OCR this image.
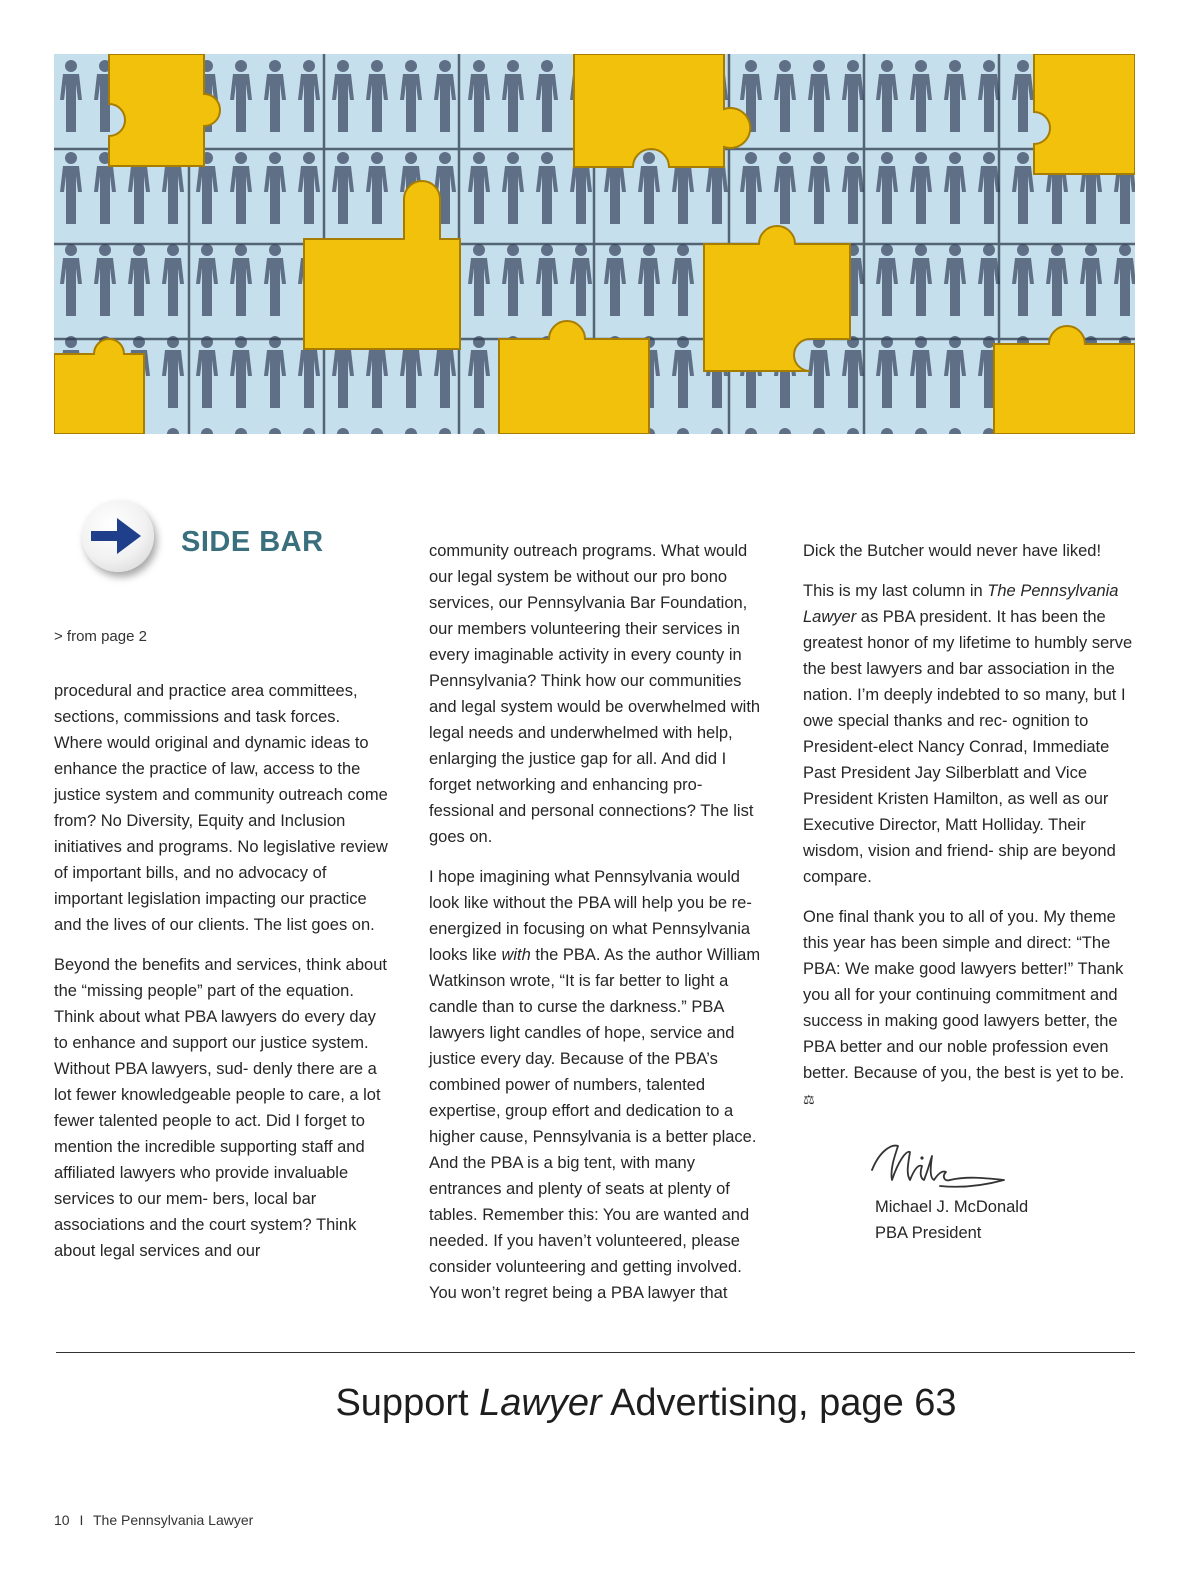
SIDE BAR
> from page 2

procedural and practice area committees, sections, commissions and task forces. Where would original and dynamic ideas to enhance the practice of law, access to the justice system and community outreach come from? No Diversity, Equity and Inclusion initiatives and programs. No legislative review of important bills, and no advocacy of important legislation impacting our practice and the lives of our clients. The list goes on.

Beyond the benefits and services, think about the “missing people” part of the equation. Think about what PBA lawyers do every day to enhance and support our justice system. Without PBA lawyers, sud- denly there are a lot fewer knowledgeable people to care, a lot fewer talented people to act. Did I forget to mention the incredible supporting staff and affiliated lawyers who provide invaluable services to our mem- bers, local bar associations and the court system? Think about legal services and our

community outreach programs. What would our legal system be without our pro bono services, our Pennsylvania Bar Foundation, our members volunteering their services in every imaginable activity in every county in Pennsylvania? Think how our communities and legal system would be overwhelmed with legal needs and underwhelmed with help, enlarging the justice gap for all. And did I forget networking and enhancing pro- fessional and personal connections? The list goes on.

I hope imagining what Pennsylvania would look like without the PBA will help you be re-energized in focusing on what Pennsylvania looks like with the PBA. As the author William Watkinson wrote, “It is far better to light a candle than to curse the darkness.” PBA lawyers light candles of hope, service and justice every day. Because of the PBA’s combined power of numbers, talented expertise, group effort and dedication to a higher cause, Pennsylvania is a better place. And the PBA is a big tent, with many entrances and plenty of seats at plenty of tables. Remember this: You are wanted and needed. If you haven’t volunteered, please consider volunteering and getting involved. You won’t regret being a PBA lawyer that

Dick the Butcher would never have liked!

This is my last column in The Pennsylvania Lawyer as PBA president. It has been the greatest honor of my lifetime to humbly serve the best lawyers and bar association in the nation. I’m deeply indebted to so many, but I owe special thanks and rec- ognition to President-elect Nancy Conrad, Immediate Past President Jay Silberblatt and Vice President Kristen Hamilton, as well as our Executive Director, Matt Holliday. Their wisdom, vision and friend- ship are beyond compare.

One final thank you to all of you. My theme this year has been simple and direct: “The PBA: We make good lawyers better!” Thank you all for your continuing commitment and success in making good lawyers better, the PBA better and our noble profession even better. Because of you, the best is yet to be. ⚖

Michael J. McDonald
PBA President
Support Lawyer Advertising, page 63
10 I The Pennsylvania Lawyer
